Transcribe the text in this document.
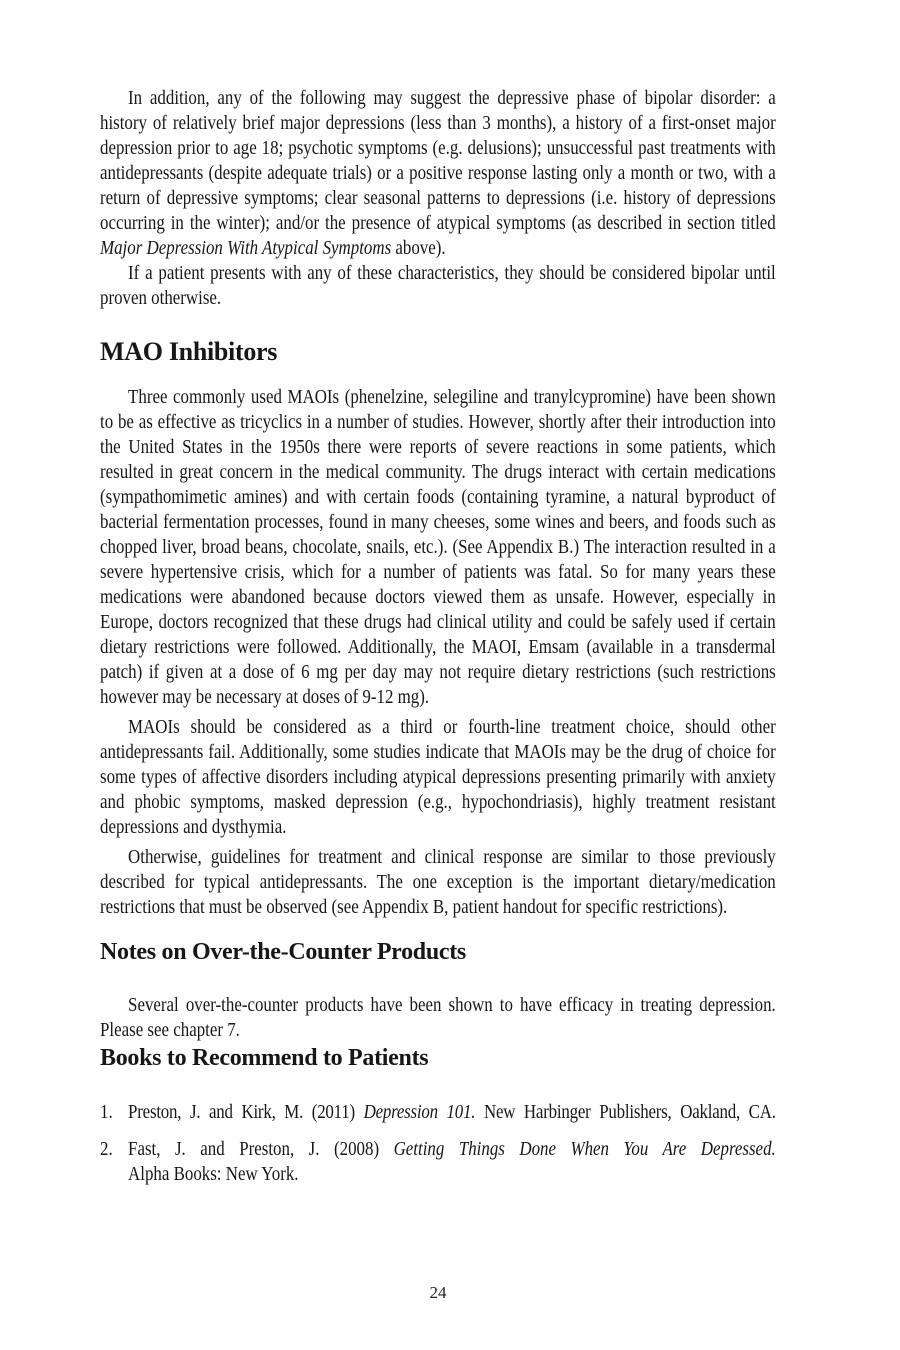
In addition, any of the following may suggest the depressive phase of bipolar disorder: a history of relatively brief major depressions (less than 3 months), a history of a first-onset major depression prior to age 18; psychotic symptoms (e.g. delusions); unsuccessful past treatments with antidepressants (despite adequate trials) or a positive response lasting only a month or two, with a return of depressive symptoms; clear seasonal patterns to depressions (i.e. history of depressions occurring in the winter); and/or the presence of atypical symptoms (as described in section titled Major Depression With Atypical Symptoms above).

If a patient presents with any of these characteristics, they should be considered bipolar until proven otherwise.

MAO Inhibitors

Three commonly used MAOIs (phenelzine, selegiline and tranylcypromine) have been shown to be as effective as tricyclics in a number of studies. However, shortly after their introduction into the United States in the 1950s there were reports of severe reactions in some patients, which resulted in great concern in the medical community. The drugs interact with certain medications (sympathomimetic amines) and with certain foods (containing tyramine, a natural byproduct of bacterial fermentation processes, found in many cheeses, some wines and beers, and foods such as chopped liver, broad beans, chocolate, snails, etc.). (See Appendix B.) The interaction resulted in a severe hypertensive crisis, which for a number of patients was fatal. So for many years these medications were abandoned because doctors viewed them as unsafe. However, especially in Europe, doctors recognized that these drugs had clinical utility and could be safely used if certain dietary restrictions were followed. Additionally, the MAOI, Emsam (available in a transdermal patch) if given at a dose of 6 mg per day may not require dietary restrictions (such restrictions however may be necessary at doses of 9-12 mg).

MAOIs should be considered as a third or fourth-line treatment choice, should other antidepressants fail. Additionally, some studies indicate that MAOIs may be the drug of choice for some types of affective disorders including atypical depressions presenting primarily with anxiety and phobic symptoms, masked depression (e.g., hypochondriasis), highly treatment resistant depressions and dysthymia.

Otherwise, guidelines for treatment and clinical response are similar to those previously described for typical antidepressants. The one exception is the important dietary/medication restrictions that must be observed (see Appendix B, patient handout for specific restrictions).

Notes on Over-the-Counter Products

Several over-the-counter products have been shown to have efficacy in treating depression. Please see chapter 7.

Books to Recommend to Patients
1. Preston, J. and Kirk, M. (2011) Depression 101. New Harbinger Publishers, Oakland, CA.
2. Fast, J. and Preston, J. (2008) Getting Things Done When You Are Depressed.
Alpha Books: New York.
24
